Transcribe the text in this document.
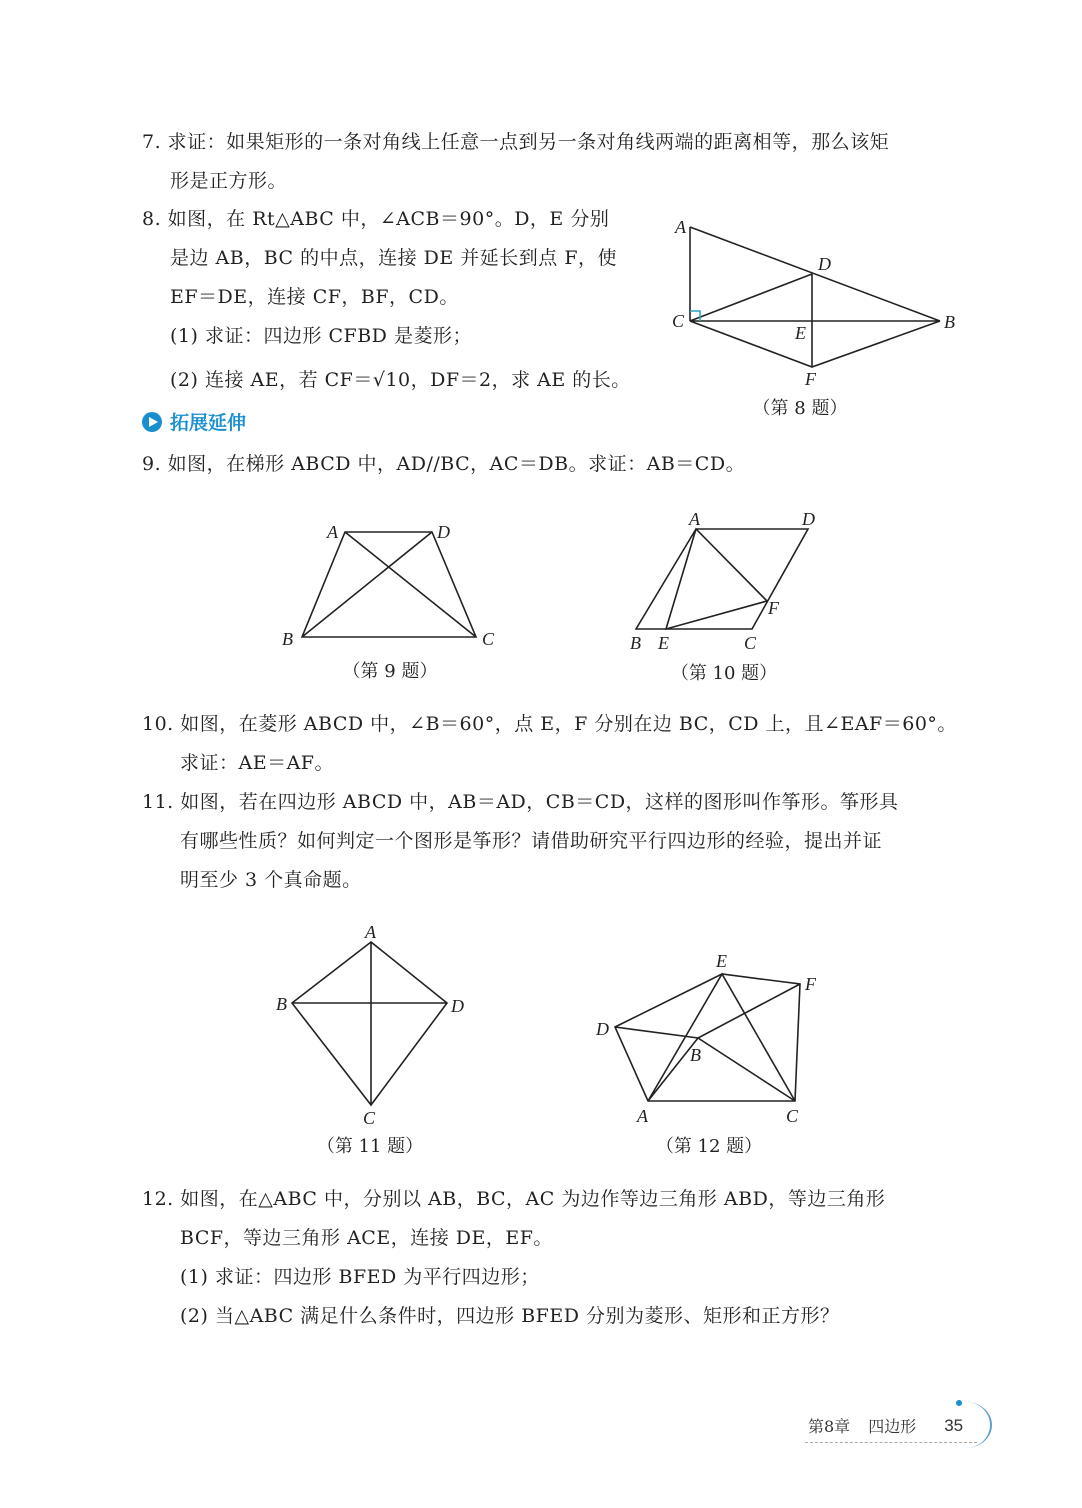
7. 求证：如果矩形的一条对角线上任意一点到另一条对角线两端的距离相等，那么该矩
形是正方形。
8. 如图，在 Rt△ABC 中，∠ACB＝90°。D，E 分别
是边 AB，BC 的中点，连接 DE 并延长到点 F，使
EF＝DE，连接 CF，BF，CD。
(1) 求证：四边形 CFBD 是菱形；
(2) 连接 AE，若 CF＝√10，DF＝2，求 AE 的长。
拓展延伸
9. 如图，在梯形 ABCD 中，AD//BC，AC＝DB。求证：AB＝CD。
10. 如图，在菱形 ABCD 中，∠B＝60°，点 E，F 分别在边 BC，CD 上，且∠EAF＝60°。
求证：AE＝AF。
11. 如图，若在四边形 ABCD 中，AB＝AD，CB＝CD，这样的图形叫作筝形。筝形具
有哪些性质？如何判定一个图形是筝形？请借助研究平行四边形的经验，提出并证
明至少 3 个真命题。
12. 如图，在△ABC 中，分别以 AB，BC，AC 为边作等边三角形 ABD，等边三角形
BCF，等边三角形 ACE，连接 DE，EF。
(1) 求证：四边形 BFED 为平行四边形；
(2) 当△ABC 满足什么条件时，四边形 BFED 分别为菱形、矩形和正方形？
（第 8 题）
（第 9 题）	（第 10 题）
（第 11 题）	（第 12 题）
A
D
C
E
B
F
A	D
B	C
A	D
F
B E	C
A
B	D
C
E
F
D
B
A	C
第8章 四边形 35
